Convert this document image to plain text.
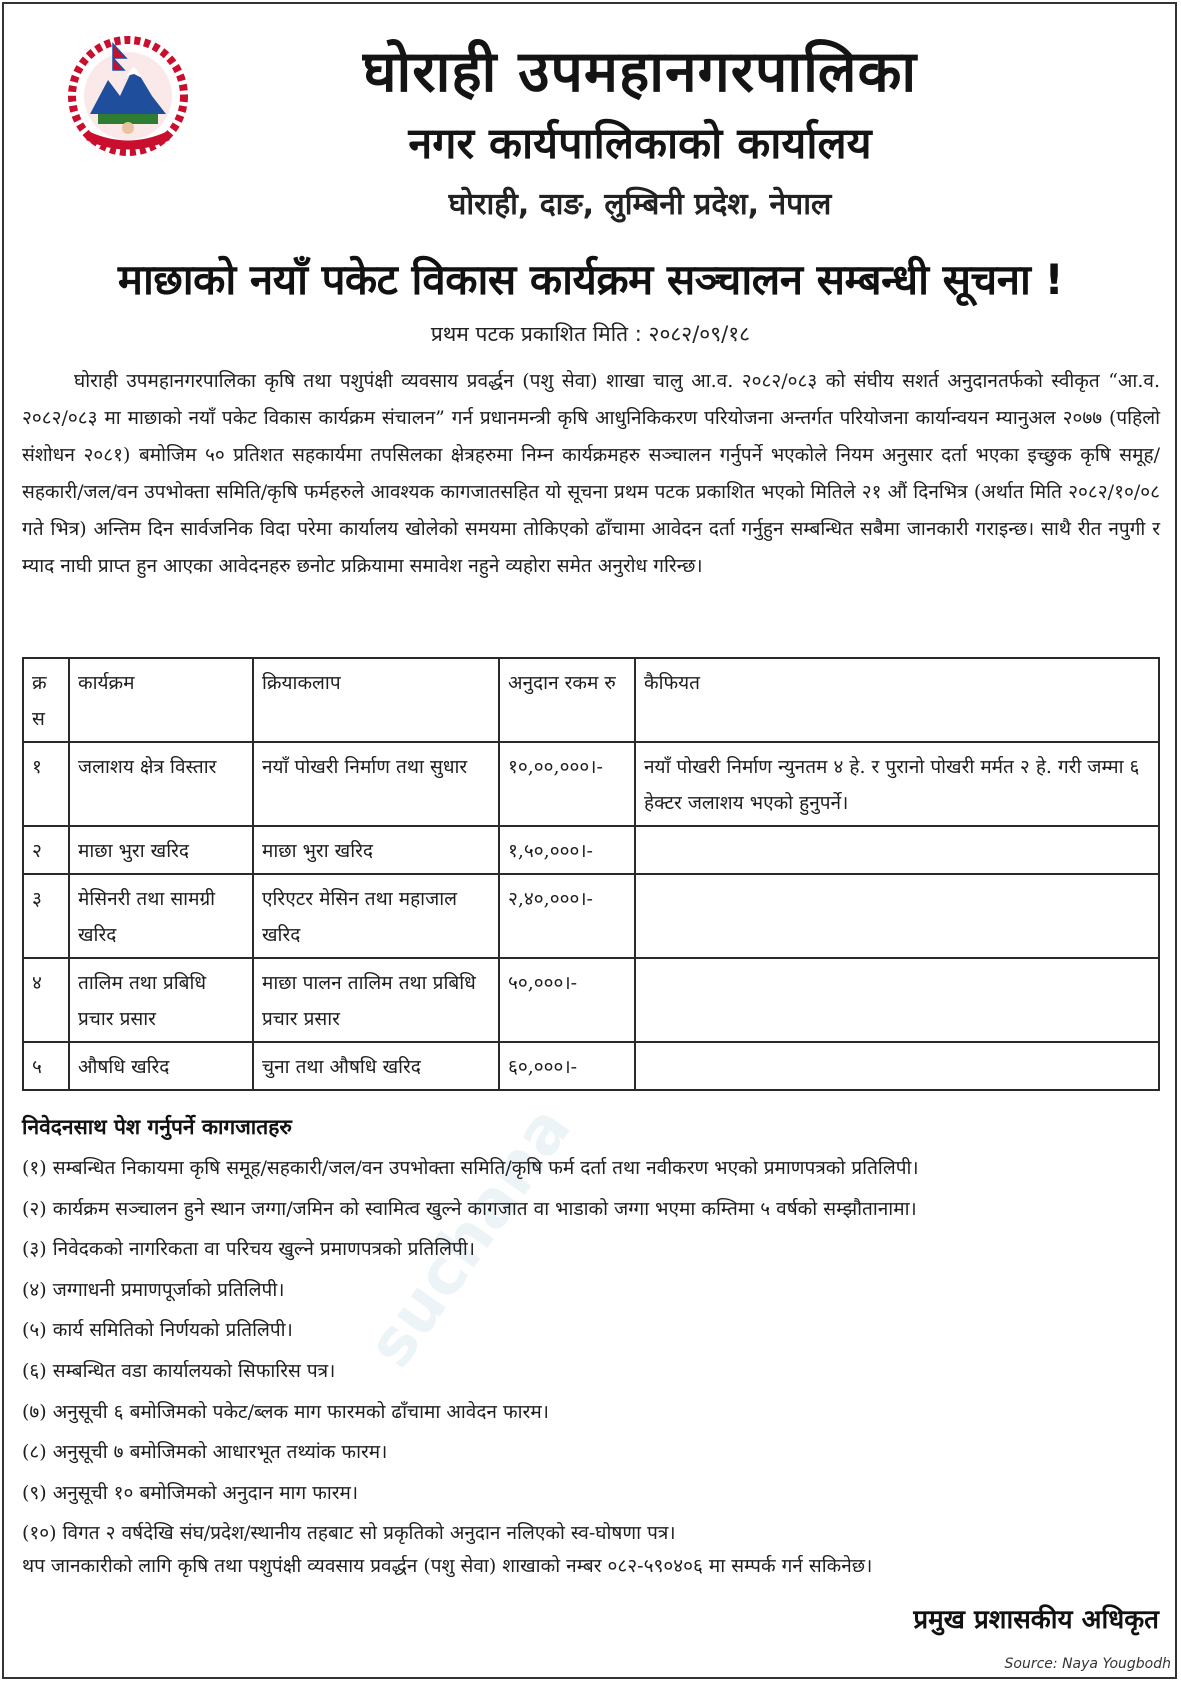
suchana
घोराही उपमहानगरपालिका
नगर कार्यपालिकाको कार्यालय
घोराही, दाङ, लुम्बिनी प्रदेश, नेपाल
माछाको नयाँ पकेट विकास कार्यक्रम सञ्चालन सम्बन्धी सूचना !
प्रथम पटक प्रकाशित मिति : २०८२/०९/१८
घोराही उपमहानगरपालिका कृषि तथा पशुपंक्षी व्यवसाय प्रवर्द्धन (पशु सेवा) शाखा चालु आ.व. २०८२/०८३ को संघीय सशर्त अनुदानतर्फको स्वीकृत “आ.व. २०८२/०८३ मा माछाको नयाँ पकेट विकास कार्यक्रम संचालन” गर्न प्रधानमन्त्री कृषि आधुनिकिकरण परियोजना अन्तर्गत परियोजना कार्यान्वयन म्यानुअल २०७७ (पहिलो संशोधन २०८१) बमोजिम ५० प्रतिशत सहकार्यमा तपसिलका क्षेत्रहरुमा निम्न कार्यक्रमहरु सञ्चालन गर्नुपर्ने भएकोले नियम अनुसार दर्ता भएका इच्छुक कृषि समूह/सहकारी/जल/वन उपभोक्ता समिति/कृषि फर्महरुले आवश्यक कागजातसहित यो सूचना प्रथम पटक प्रकाशित भएको मितिले २१ औं दिनभित्र (अर्थात मिति २०८२/१०/०८ गते भित्र) अन्तिम दिन सार्वजनिक विदा परेमा कार्यालय खोलेको समयमा तोकिएको ढाँचामा आवेदन दर्ता गर्नुहुन सम्बन्धित सबैमा जानकारी गराइन्छ। साथै रीत नपुगी र म्याद नाघी प्राप्त हुन आएका आवेदनहरु छनोट प्रक्रियामा समावेश नहुने व्यहोरा समेत अनुरोध गरिन्छ।
क्र स	कार्यक्रम	क्रियाकलाप	अनुदान रकम रु	कैफियत
१	जलाशय क्षेत्र विस्तार	नयाँ पोखरी निर्माण तथा सुधार	१०,००,०००।-	नयाँ पोखरी निर्माण न्युनतम ४ हे. र पुरानो पोखरी मर्मत २ हे. गरी जम्मा ६ हेक्टर जलाशय भएको हुनुपर्ने।
२	माछा भुरा खरिद	माछा भुरा खरिद	१,५०,०००।-	
३	मेसिनरी तथा सामग्री खरिद	एरिएटर मेसिन तथा महाजाल खरिद	२,४०,०००।-	
४	तालिम तथा प्रबिधि प्रचार प्रसार	माछा पालन तालिम तथा प्रबिधि प्रचार प्रसार	५०,०००।-	
५	औषधि खरिद	चुना तथा औषधि खरिद	६०,०००।-	
निवेदनसाथ पेश गर्नुपर्ने कागजातहरु
(१) सम्बन्धित निकायमा कृषि समूह/सहकारी/जल/वन उपभोक्ता समिति/कृषि फर्म दर्ता तथा नवीकरण भएको प्रमाणपत्रको प्रतिलिपी।
(२) कार्यक्रम सञ्चालन हुने स्थान जग्गा/जमिन को स्वामित्व खुल्ने कागजात वा भाडाको जग्गा भएमा कम्तिमा ५ वर्षको सम्झौतानामा।
(३) निवेदकको नागरिकता वा परिचय खुल्ने प्रमाणपत्रको प्रतिलिपी।
(४) जग्गाधनी प्रमाणपूर्जाको प्रतिलिपी।
(५) कार्य समितिको निर्णयको प्रतिलिपी।
(६) सम्बन्धित वडा कार्यालयको सिफारिस पत्र।
(७) अनुसूची ६ बमोजिमको पकेट/ब्लक माग फारमको ढाँचामा आवेदन फारम।
(८) अनुसूची ७ बमोजिमको आधारभूत तथ्यांक फारम।
(९) अनुसूची १० बमोजिमको अनुदान माग फारम।
(१०) विगत २ वर्षदेखि संघ/प्रदेश/स्थानीय तहबाट सो प्रकृतिको अनुदान नलिएको स्व-घोषणा पत्र।
थप जानकारीको लागि कृषि तथा पशुपंक्षी व्यवसाय प्रवर्द्धन (पशु सेवा) शाखाको नम्बर ०८२-५९०४०६ मा सम्पर्क गर्न सकिनेछ।
प्रमुख प्रशासकीय अधिकृत
Source: Naya Yougbodh
